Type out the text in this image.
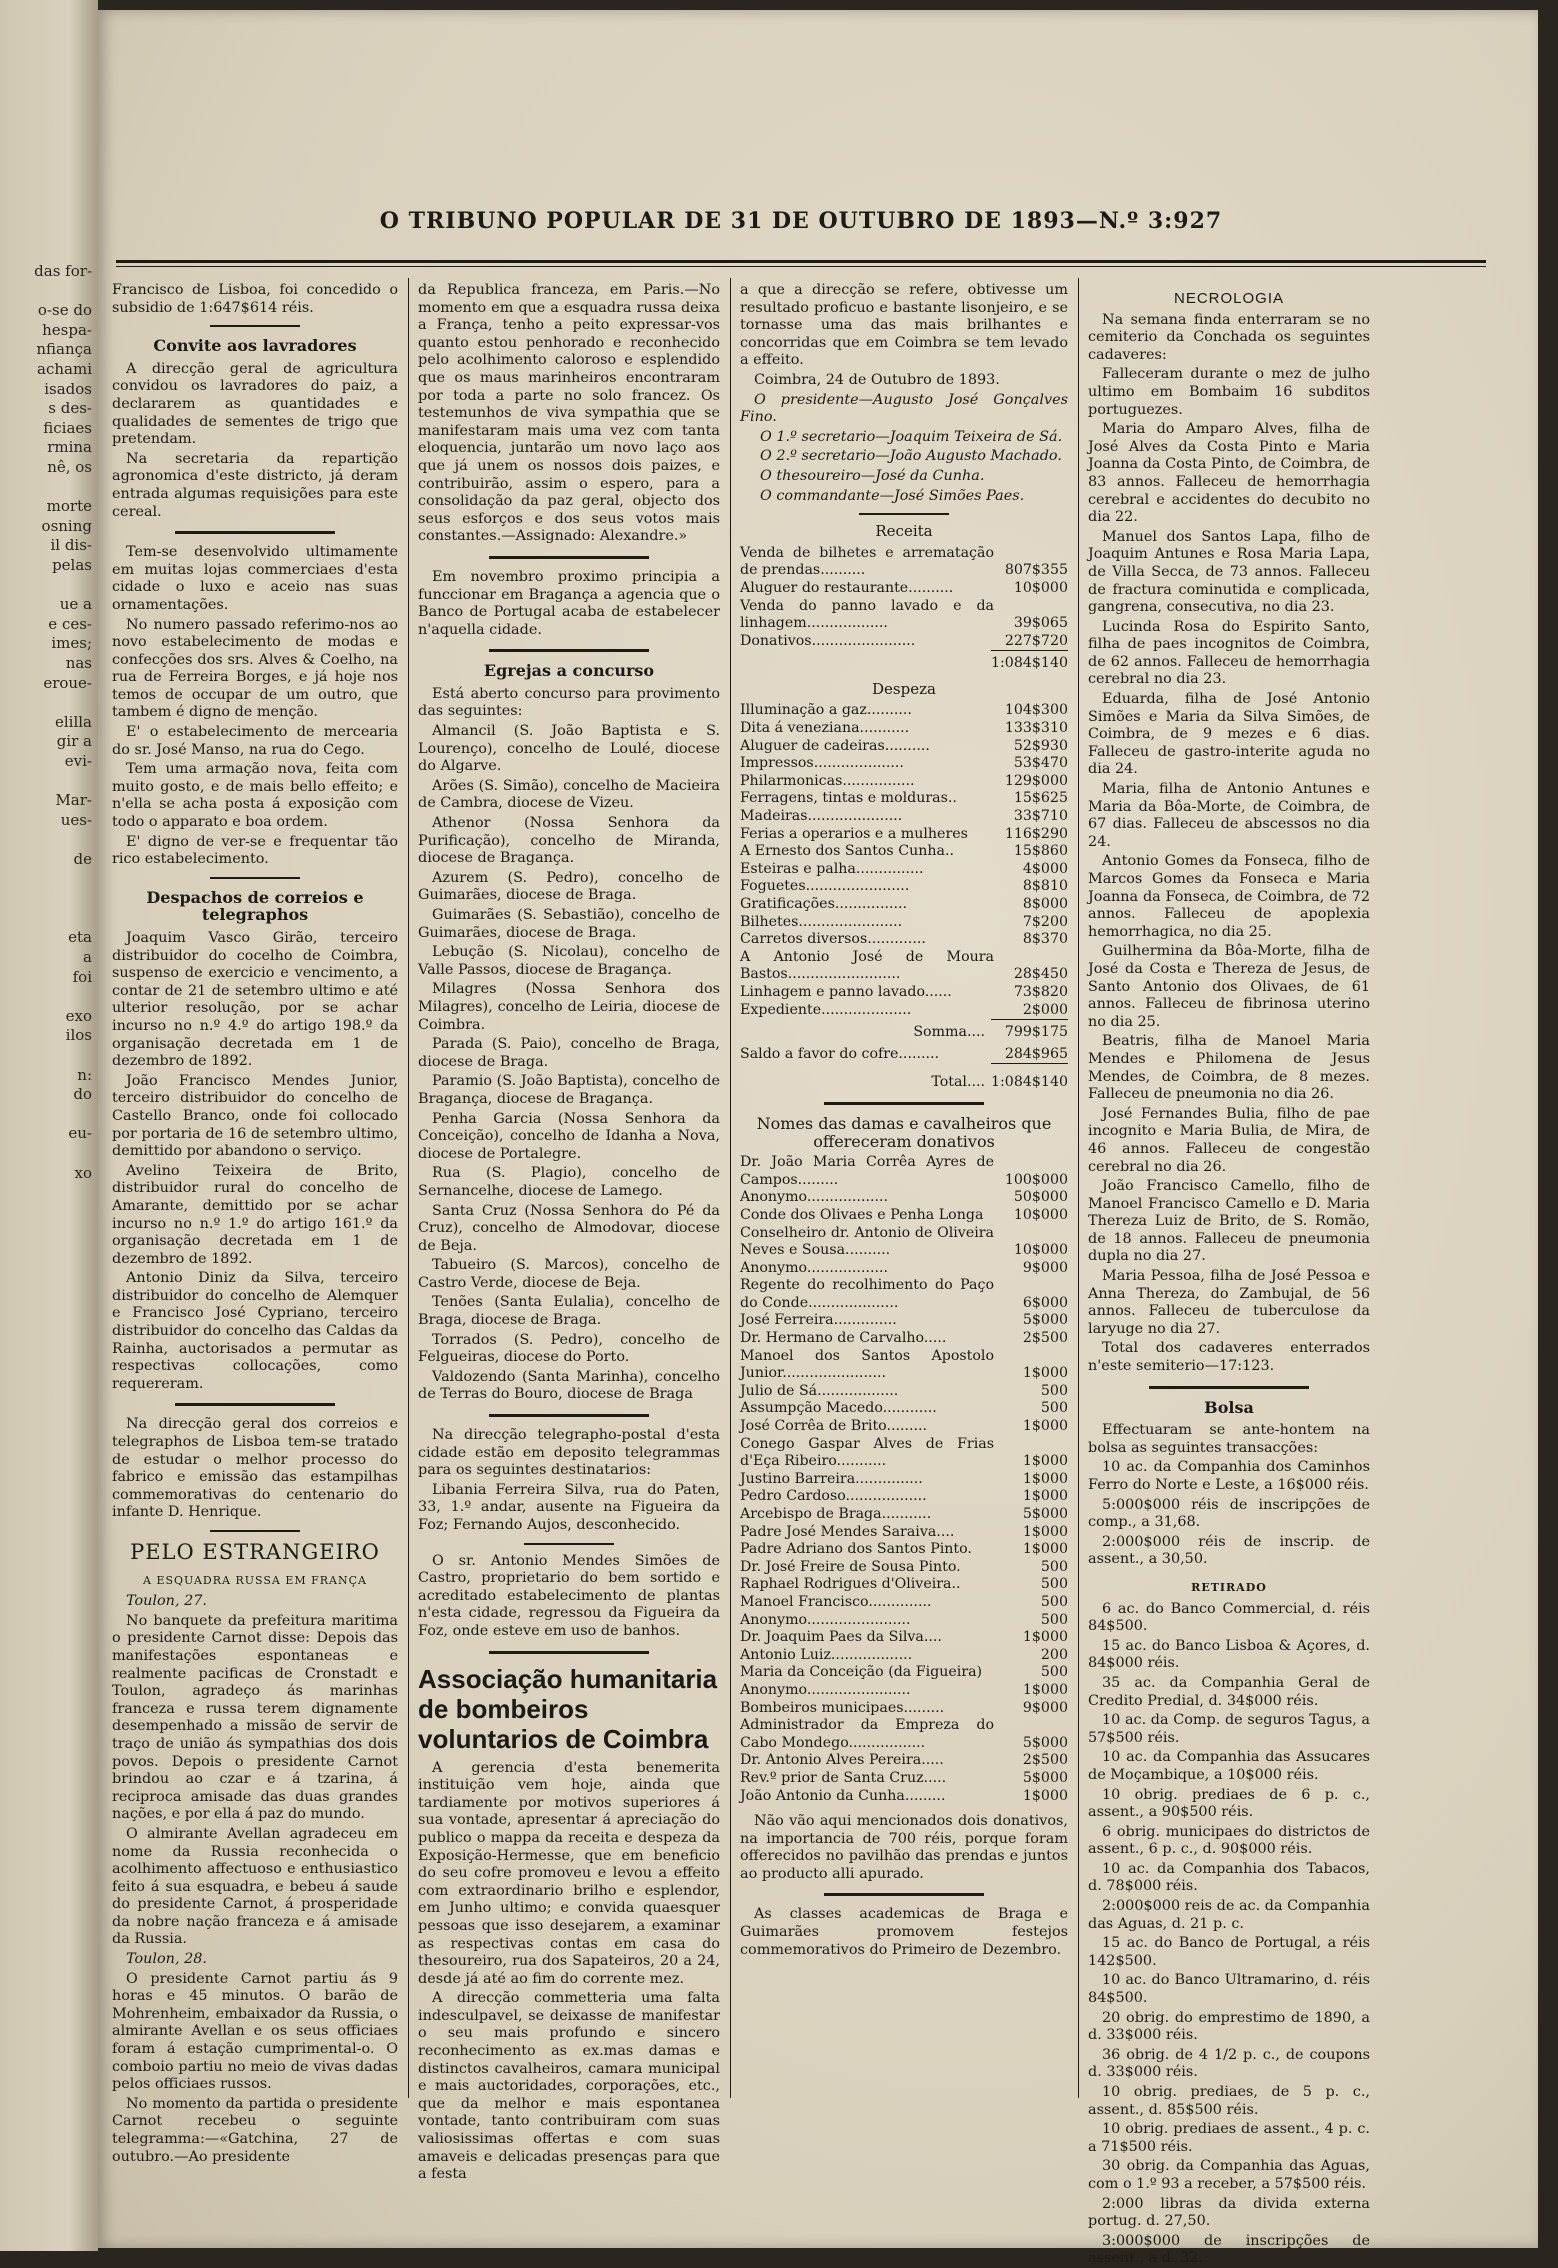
das for-
o-se do
hespa-
nfiança
achami
isados
s des-
ficiaes
rmina
nê, os
morte
osning
il dis-
pelas
ue a
e ces-
imes;
nas
eroue-
elilla
gir a
evi-
Mar-
ues-
de
eta
a
foi
exo
ilos
n:
do
eu-
xo
O TRIBUNO POPULAR DE 31 DE OUTUBRO DE 1893—N.º 3:927

Francisco de Lisboa, foi concedido o subsidio de 1:647$614 réis.

Convite aos lavradores

A direcção geral de agricultura convidou os lavradores do paiz, a declararem as quantidades e qualidades de sementes de trigo que pretendam.

Na secretaria da repartição agronomica d'este districto, já deram entrada algumas requisições para este cereal.

Tem-se desenvolvido ultimamente em muitas lojas commerciaes d'esta cidade o luxo e aceio nas suas ornamentações.

No numero passado referimo-nos ao novo estabelecimento de modas e confecções dos srs. Alves & Coelho, na rua de Ferreira Borges, e já hoje nos temos de occupar de um outro, que tambem é digno de menção.

E' o estabelecimento de mercearia do sr. José Manso, na rua do Cego.

Tem uma armação nova, feita com muito gosto, e de mais bello effeito; e n'ella se acha posta á exposição com todo o apparato e boa ordem.

E' digno de ver-se e frequentar tão rico estabelecimento.

Despachos de correios e telegraphos

Joaquim Vasco Girão, terceiro distribuidor do cocelho de Coimbra, suspenso de exercicio e vencimento, a contar de 21 de setembro ultimo e até ulterior resolução, por se achar incurso no n.º 4.º do artigo 198.º da organisação decretada em 1 de dezembro de 1892.

João Francisco Mendes Junior, terceiro distribuidor do concelho de Castello Branco, onde foi collocado por portaria de 16 de setembro ultimo, demittido por abandono o serviço.

Avelino Teixeira de Brito, distribuidor rural do concelho de Amarante, demittido por se achar incurso no n.º 1.º do artigo 161.º da organisação decretada em 1 de dezembro de 1892.

Antonio Diniz da Silva, terceiro distribuidor do concelho de Alemquer e Francisco José Cypriano, terceiro distribuidor do concelho das Caldas da Rainha, auctorisados a permutar as respectivas collocações, como requereram.

Na direcção geral dos correios e telegraphos de Lisboa tem-se tratado de estudar o melhor processo do fabrico e emissão das estampilhas commemorativas do centenario do infante D. Henrique.

PELO ESTRANGEIRO
A ESQUADRA RUSSA EM FRANÇA

Toulon, 27.

No banquete da prefeitura maritima o presidente Carnot disse: Depois das manifestações espontaneas e realmente pacificas de Cronstadt e Toulon, agradeço ás marinhas franceza e russa terem dignamente desempenhado a missão de servir de traço de união ás sympathias dos dois povos. Depois o presidente Carnot brindou ao czar e á tzarina, á reciproca amisade das duas grandes nações, e por ella á paz do mundo.

O almirante Avellan agradeceu em nome da Russia reconhecida o acolhimento affectuoso e enthusiastico feito á sua esquadra, e bebeu á saude do presidente Carnot, á prosperidade da nobre nação franceza e á amisade da Russia.

Toulon, 28.

O presidente Carnot partiu ás 9 horas e 45 minutos. O barão de Mohrenheim, embaixador da Russia, o almirante Avellan e os seus officiaes foram á estação cumprimental-o. O comboio partiu no meio de vivas dadas pelos officiaes russos.

No momento da partida o presidente Carnot recebeu o seguinte telegramma:—«Gatchina, 27 de outubro.—Ao presidente

da Republica franceza, em Paris.—No momento em que a esquadra russa deixa a França, tenho a peito expressar-vos quanto estou penhorado e reconhecido pelo acolhimento caloroso e esplendido que os maus marinheiros encontraram por toda a parte no solo francez. Os testemunhos de viva sympathia que se manifestaram mais uma vez com tanta eloquencia, juntarão um novo laço aos que já unem os nossos dois paizes, e contribuirão, assim o espero, para a consolidação da paz geral, objecto dos seus esforços e dos seus votos mais constantes.—Assignado: Alexandre.»

Em novembro proximo principia a funccionar em Bragança a agencia que o Banco de Portugal acaba de estabelecer n'aquella cidade.

Egrejas a concurso

Está aberto concurso para provimento das seguintes:

Almancil (S. João Baptista e S. Lourenço), concelho de Loulé, diocese do Algarve.

Arões (S. Simão), concelho de Macieira de Cambra, diocese de Vizeu.

Athenor (Nossa Senhora da Purificação), concelho de Miranda, diocese de Bragança.

Azurem (S. Pedro), concelho de Guimarães, diocese de Braga.

Guimarães (S. Sebastião), concelho de Guimarães, diocese de Braga.

Lebução (S. Nicolau), concelho de Valle Passos, diocese de Bragança.

Milagres (Nossa Senhora dos Milagres), concelho de Leiria, diocese de Coimbra.

Parada (S. Paio), concelho de Braga, diocese de Braga.

Paramio (S. João Baptista), concelho de Bragança, diocese de Bragança.

Penha Garcia (Nossa Senhora da Conceição), concelho de Idanha a Nova, diocese de Portalegre.

Rua (S. Plagio), concelho de Sernancelhe, diocese de Lamego.

Santa Cruz (Nossa Senhora do Pé da Cruz), concelho de Almodovar, diocese de Beja.

Tabueiro (S. Marcos), concelho de Castro Verde, diocese de Beja.

Tenões (Santa Eulalia), concelho de Braga, diocese de Braga.

Torrados (S. Pedro), concelho de Felgueiras, diocese do Porto.

Valdozendo (Santa Marinha), concelho de Terras do Bouro, diocese de Braga

Na direcção telegrapho-postal d'esta cidade estão em deposito telegrammas para os seguintes destinatarios:

Libania Ferreira Silva, rua do Paten, 33, 1.º andar, ausente na Figueira da Foz; Fernando Aujos, desconhecido.

O sr. Antonio Mendes Simões de Castro, proprietario do bem sortido e acreditado estabelecimento de plantas n'esta cidade, regressou da Figueira da Foz, onde esteve em uso de banhos.

Associação humanitaria de bombeiros voluntarios de Coimbra

A gerencia d'esta benemerita instituição vem hoje, ainda que tardiamente por motivos superiores á sua vontade, apresentar á apreciação do publico o mappa da receita e despeza da Exposição-Hermesse, que em beneficio do seu cofre promoveu e levou a effeito com extraordinario brilho e esplendor, em Junho ultimo; e convida quaesquer pessoas que isso desejarem, a examinar as respectivas contas em casa do thesoureiro, rua dos Sapateiros, 20 a 24, desde já até ao fim do corrente mez.

A direcção commetteria uma falta indesculpavel, se deixasse de manifestar o seu mais profundo e sincero reconhecimento as ex.mas damas e distinctos cavalheiros, camara municipal e mais auctoridades, corporações, etc., que da melhor e mais espontanea vontade, tanto contribuiram com suas valiosissimas offertas e com suas amaveis e delicadas presenças para que a festa

a que a direcção se refere, obtivesse um resultado proficuo e bastante lisonjeiro, e se tornasse uma das mais brilhantes e concorridas que em Coimbra se tem levado a effeito.

Coimbra, 24 de Outubro de 1893.

O presidente—Augusto José Gonçalves Fino.

O 1.º secretario—Joaquim Teixeira de Sá.

O 2.º secretario—João Augusto Machado.

O thesoureiro—José da Cunha.

O commandante—José Simões Paes.

Receita

Venda de bilhetes e arrematação de prendas..........	807$355
Aluguer do restaurante..........	10$000
Venda do panno lavado e da linhagem..................	39$065
Donativos.......................	227$720
	1:084$140

Despeza

Illuminação a gaz..........	104$300
Dita á veneziana...........	133$310
Aluguer de cadeiras..........	52$930
Impressos....................	53$470
Philarmonicas................	129$000
Ferragens, tintas e molduras..	15$625
Madeiras.....................	33$710
Ferias a operarios e a mulheres	116$290
A Ernesto dos Santos Cunha..	15$860
Esteiras e palha...............	4$000
Foguetes.......................	8$810
Gratificações................	8$000
Bilhetes.......................	7$200
Carretos diversos.............	8$370
A Antonio José de Moura Bastos.........................	28$450
Linhagem e panno lavado......	73$820
Expediente....................	2$000
Somma....	799$175
Saldo a favor do cofre.........	284$965
Total....	1:084$140

Nomes das damas e cavalheiros que offereceram donativos

Dr. João Maria Corrêa Ayres de Campos.........	100$000
Anonymo..................	50$000
Conde dos Olivaes e Penha Longa	10$000
Conselheiro dr. Antonio de Oliveira Neves e Sousa..........	10$000
Anonymo..................	9$000
Regente do recolhimento do Paço do Conde....................	6$000
José Ferreira..............	5$000
Dr. Hermano de Carvalho.....	2$500
Manoel dos Santos Apostolo Junior.......................	1$000
Julio de Sá..................	500
Assumpção Macedo............	500
José Corrêa de Brito.........	1$000
Conego Gaspar Alves de Frias d'Eça Ribeiro...........	1$000
Justino Barreira...............	1$000
Pedro Cardoso..................	1$000
Arcebispo de Braga...........	5$000
Padre José Mendes Saraiva....	1$000
Padre Adriano dos Santos Pinto.	1$000
Dr. José Freire de Sousa Pinto.	500
Raphael Rodrigues d'Oliveira..	500
Manoel Francisco..............	500
Anonymo.......................	500
Dr. Joaquim Paes da Silva....	1$000
Antonio Luiz..................	200
Maria da Conceição (da Figueira)	500
Anonymo.......................	1$000
Bombeiros municipaes.........	9$000
Administrador da Empreza do Cabo Mondego.................	5$000
Dr. Antonio Alves Pereira.....	2$500
Rev.º prior de Santa Cruz.....	5$000
João Antonio da Cunha.........	1$000

Não vão aqui mencionados dois donativos, na importancia de 700 réis, porque foram offerecidos no pavilhão das prendas e juntos ao producto alli apurado.

As classes academicas de Braga e Guimarães promovem festejos commemorativos do Primeiro de Dezembro.

NECROLOGIA

Na semana finda enterraram se no cemiterio da Conchada os seguintes cadaveres:

Falleceram durante o mez de julho ultimo em Bombaim 16 subditos portuguezes.

Maria do Amparo Alves, filha de José Alves da Costa Pinto e Maria Joanna da Costa Pinto, de Coimbra, de 83 annos. Falleceu de hemorrhagia cerebral e accidentes do decubito no dia 22.

Manuel dos Santos Lapa, filho de Joaquim Antunes e Rosa Maria Lapa, de Villa Secca, de 73 annos. Falleceu de fractura cominutida e complicada, gangrena, consecutiva, no dia 23.

Lucinda Rosa do Espirito Santo, filha de paes incognitos de Coimbra, de 62 annos. Falleceu de hemorrhagia cerebral no dia 23.

Eduarda, filha de José Antonio Simões e Maria da Silva Simões, de Coimbra, de 9 mezes e 6 dias. Falleceu de gastro-interite aguda no dia 24.

Maria, filha de Antonio Antunes e Maria da Bôa-Morte, de Coimbra, de 67 dias. Falleceu de abscessos no dia 24.

Antonio Gomes da Fonseca, filho de Marcos Gomes da Fonseca e Maria Joanna da Fonseca, de Coimbra, de 72 annos. Falleceu de apoplexia hemorrhagica, no dia 25.

Guilhermina da Bôa-Morte, filha de José da Costa e Thereza de Jesus, de Santo Antonio dos Olivaes, de 61 annos. Falleceu de fibrinosa uterino no dia 25.

Beatris, filha de Manoel Maria Mendes e Philomena de Jesus Mendes, de Coimbra, de 8 mezes. Falleceu de pneumonia no dia 26.

José Fernandes Bulia, filho de pae incognito e Maria Bulia, de Mira, de 46 annos. Falleceu de congestão cerebral no dia 26.

João Francisco Camello, filho de Manoel Francisco Camello e D. Maria Thereza Luiz de Brito, de S. Romão, de 18 annos. Falleceu de pneumonia dupla no dia 27.

Maria Pessoa, filha de José Pessoa e Anna Thereza, do Zambujal, de 56 annos. Falleceu de tuberculose da laryuge no dia 27.

Total dos cadaveres enterrados n'este semiterio—17:123.

Bolsa

Effectuaram se ante-hontem na bolsa as seguintes transacções:

10 ac. da Companhia dos Caminhos Ferro do Norte e Leste, a 16$000 réis.

5:000$000 réis de inscripções de comp., a 31,68.

2:000$000 réis de inscrip. de assent., a 30,50.

RETIRADO

6 ac. do Banco Commercial, d. réis 84$500.

15 ac. do Banco Lisboa & Açores, d. 84$000 réis.

35 ac. da Companhia Geral de Credito Predial, d. 34$000 réis.

10 ac. da Comp. de seguros Tagus, a 57$500 réis.

10 ac. da Companhia das Assucares de Moçambique, a 10$000 réis.

10 obrig. prediaes de 6 p. c., assent., a 90$500 réis.

6 obrig. municipaes do districtos de assent., 6 p. c., d. 90$000 réis.

10 ac. da Companhia dos Tabacos, d. 78$000 réis.

2:000$000 reis de ac. da Companhia das Aguas, d. 21 p. c.

15 ac. do Banco de Portugal, a réis 142$500.

10 ac. do Banco Ultramarino, d. réis 84$500.

20 obrig. do emprestimo de 1890, a d. 33$000 réis.

36 obrig. de 4 1/2 p. c., de coupons d. 33$000 réis.

10 obrig. prediaes, de 5 p. c., assent., d. 85$500 réis.

10 obrig. prediaes de assent., 4 p. c. a 71$500 réis.

30 obrig. da Companhia das Aguas, com o 1.º 93 a receber, a 57$500 réis.

2:000 libras da divida externa portug. d. 27,50.

3:000$000 de inscripções de assent., a d. 32.
